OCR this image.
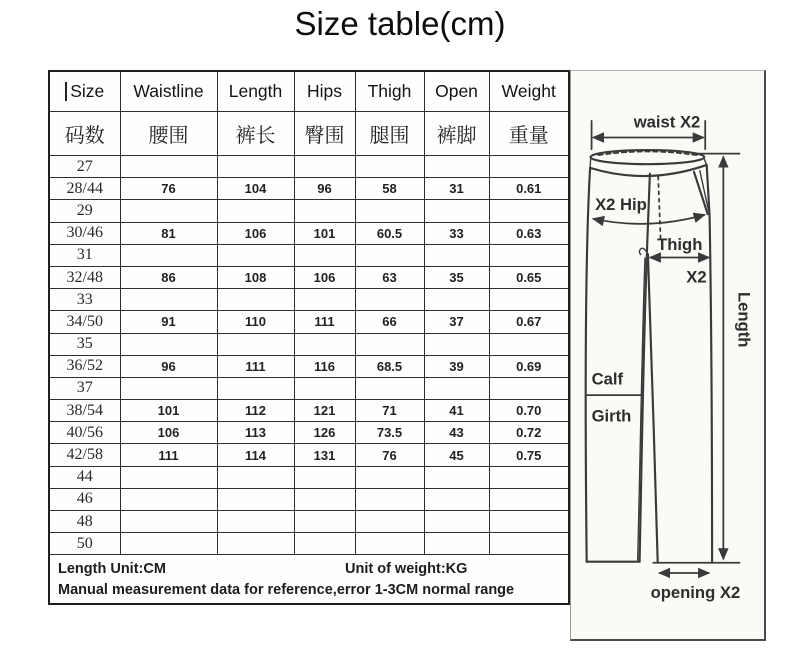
Size table(cm)
Size	Waistline	Length	Hips	Thigh	Open	Weight
码数	腰围	裤长	臀围	腿围	裤脚	重量
27						
28/44	76	104	96	58	31	0.61
29						
30/46	81	106	101	60.5	33	0.63
31						
32/48	86	108	106	63	35	0.65
33						
34/50	91	110	111	66	37	0.67
35						
36/52	96	111	116	68.5	39	0.69
37						
38/54	101	112	121	71	41	0.70
40/56	106	113	126	73.5	43	0.72
42/58	111	114	131	76	45	0.75
44						
46						
48						
50						

Length Unit:CM Unit of weight:KG
Manual measurement data for reference,error 1-3CM normal range						
waist X2
X2 Hip
Thigh
X2
Length
Calf
Girth
opening X2
